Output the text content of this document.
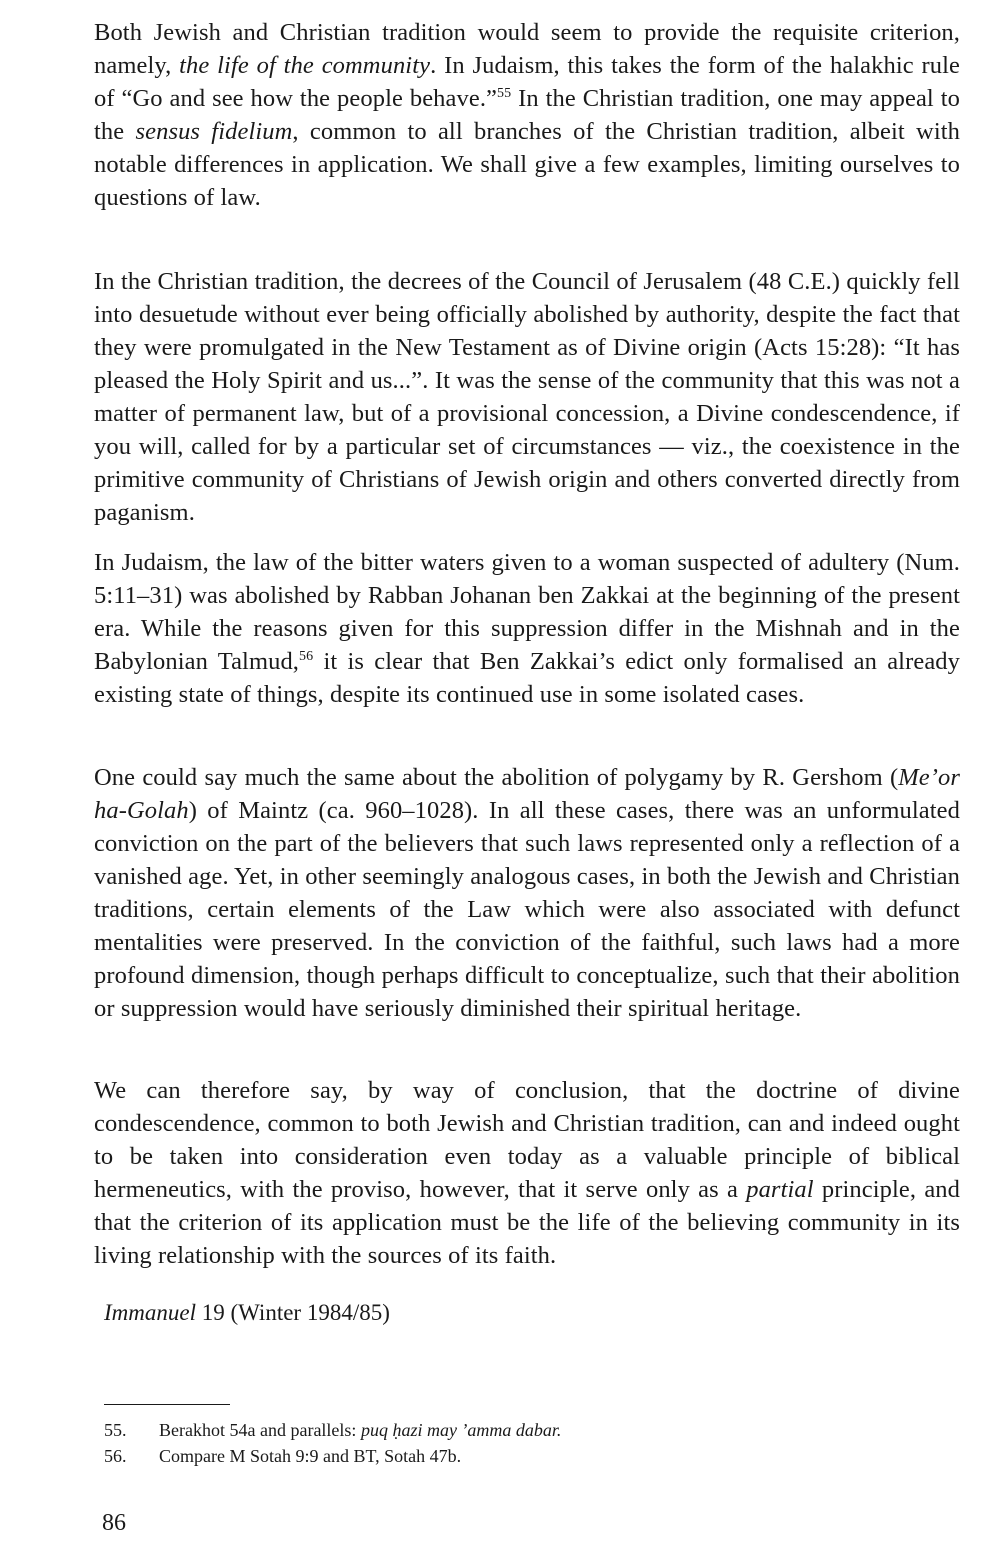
Both Jewish and Christian tradition would seem to provide the requisite criterion, namely, the life of the community. In Judaism, this takes the form of the halakhic rule of “Go and see how the people behave.”$^{55}$ In the Christian tradition, one may appeal to the sensus fidelium, common to all branches of the Christian tradition, albeit with notable differences in application. We shall give a few examples, limiting ourselves to questions of law.

In the Christian tradition, the decrees of the Council of Jerusalem (48 C.E.) quickly fell into desuetude without ever being officially abolished by authority, despite the fact that they were promulgated in the New Testament as of Divine origin (Acts 15:28): “It has pleased the Holy Spirit and us...”. It was the sense of the community that this was not a matter of permanent law, but of a provisional concession, a Divine condescendence, if you will, called for by a particular set of circumstances — viz., the coexistence in the primitive community of Christians of Jewish origin and others converted directly from paganism.

In Judaism, the law of the bitter waters given to a woman suspected of adultery (Num. 5:11–31) was abolished by Rabban Johanan ben Zakkai at the beginning of the present era. While the reasons given for this suppression differ in the Mishnah and in the Babylonian Talmud,$^{56}$ it is clear that Ben Zakkai’s edict only formalised an already existing state of things, despite its continued use in some isolated cases.

One could say much the same about the abolition of polygamy by R. Gershom (Me’or ha-Golah) of Maintz (ca. 960–1028). In all these cases, there was an unformulated conviction on the part of the believers that such laws represented only a reflection of a vanished age. Yet, in other seemingly analogous cases, in both the Jewish and Christian traditions, certain elements of the Law which were also associated with defunct mentalities were preserved. In the conviction of the faithful, such laws had a more profound dimension, though perhaps difficult to conceptualize, such that their abolition or suppression would have seriously diminished their spiritual heritage.

We can therefore say, by way of conclusion, that the doctrine of divine condescendence, common to both Jewish and Christian tradition, can and indeed ought to be taken into consideration even today as a valuable principle of biblical hermeneutics, with the proviso, however, that it serve only as a partial principle, and that the criterion of its application must be the life of the believing community in its living relationship with the sources of its faith.

Immanuel 19 (Winter 1984/85)
55. Berakhot 54a and parallels: puq ḥazi may ’amma dabar.
56. Compare M Sotah 9:9 and BT, Sotah 47b.
86
